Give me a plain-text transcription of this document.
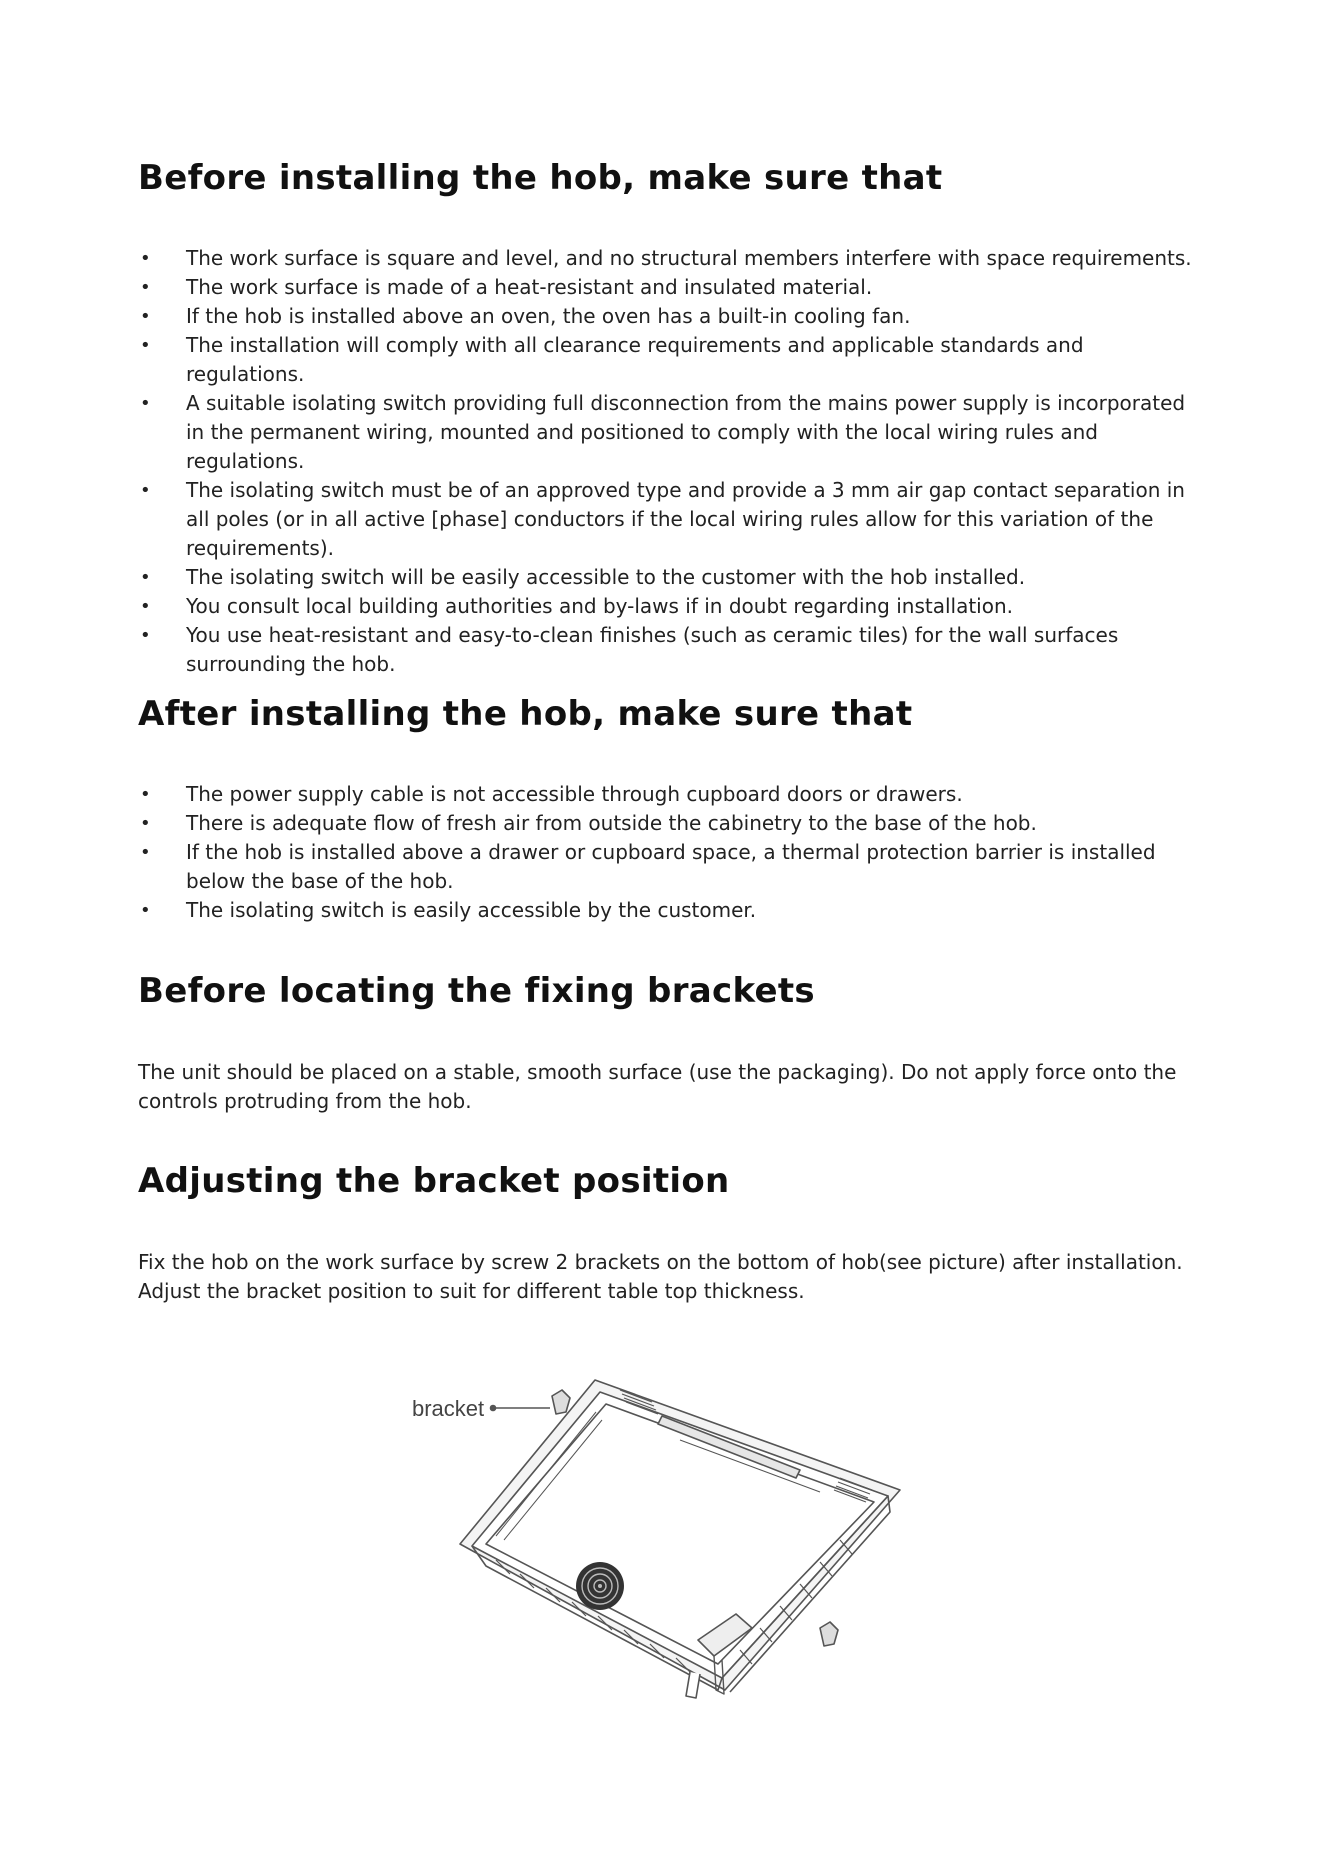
Before installing the hob, make sure that
• The work surface is square and level, and no structural members interfere with space requirements.
• The work surface is made of a heat-resistant and insulated material.
• If the hob is installed above an oven, the oven has a built-in cooling fan.
• The installation will comply with all clearance requirements and applicable standards and regulations.
• A suitable isolating switch providing full disconnection from the mains power supply is incorporated in the permanent wiring, mounted and positioned to comply with the local wiring rules and regulations.
• The isolating switch must be of an approved type and provide a 3 mm air gap contact separation in all poles (or in all active [phase] conductors if the local wiring rules allow for this variation of the requirements).
• The isolating switch will be easily accessible to the customer with the hob installed.
• You consult local building authorities and by-laws if in doubt regarding installation.
• You use heat-resistant and easy-to-clean finishes (such as ceramic tiles) for the wall surfaces surrounding the hob.
After installing the hob, make sure that
• The power supply cable is not accessible through cupboard doors or drawers.
• There is adequate flow of fresh air from outside the cabinetry to the base of the hob.
• If the hob is installed above a drawer or cupboard space, a thermal protection barrier is installed below the base of the hob.
• The isolating switch is easily accessible by the customer.
Before locating the fixing brackets

The unit should be placed on a stable, smooth surface (use the packaging). Do not apply force onto the controls protruding from the hob.

Adjusting the bracket position

Fix the hob on the work surface by screw 2 brackets on the bottom of hob(see picture) after installation. Adjust the bracket position to suit for different table top thickness.

bracket
